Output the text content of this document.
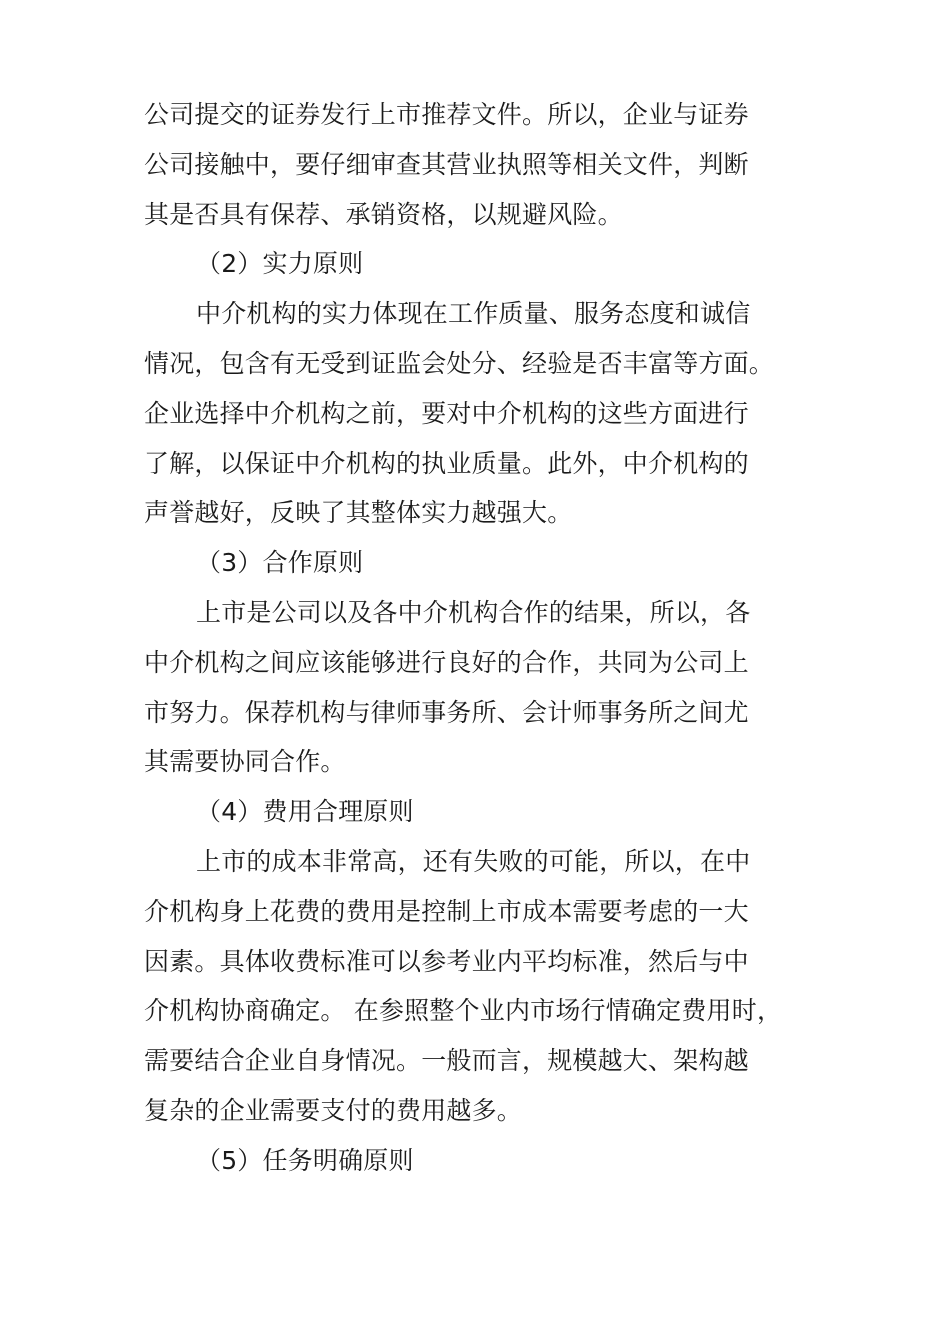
公司提交的证券发行上市推荐文件。所以，企业与证券
公司接触中，要仔细审查其营业执照等相关文件，判断
其是否具有保荐、承销资格，以规避风险。
（2）实力原则
中介机构的实力体现在工作质量、服务态度和诚信
情况，包含有无受到证监会处分、经验是否丰富等方面。
企业选择中介机构之前，要对中介机构的这些方面进行
了解，以保证中介机构的执业质量。此外，中介机构的
声誉越好，反映了其整体实力越强大。
（3）合作原则
上市是公司以及各中介机构合作的结果，所以，各
中介机构之间应该能够进行良好的合作，共同为公司上
市努力。保荐机构与律师事务所、会计师事务所之间尤
其需要协同合作。
（4）费用合理原则
上市的成本非常高，还有失败的可能，所以，在中
介机构身上花费的费用是控制上市成本需要考虑的一大
因素。具体收费标准可以参考业内平均标准，然后与中
介机构协商确定。 在参照整个业内市场行情确定费用时，
需要结合企业自身情况。一般而言，规模越大、架构越
复杂的企业需要支付的费用越多。
（5）任务明确原则
